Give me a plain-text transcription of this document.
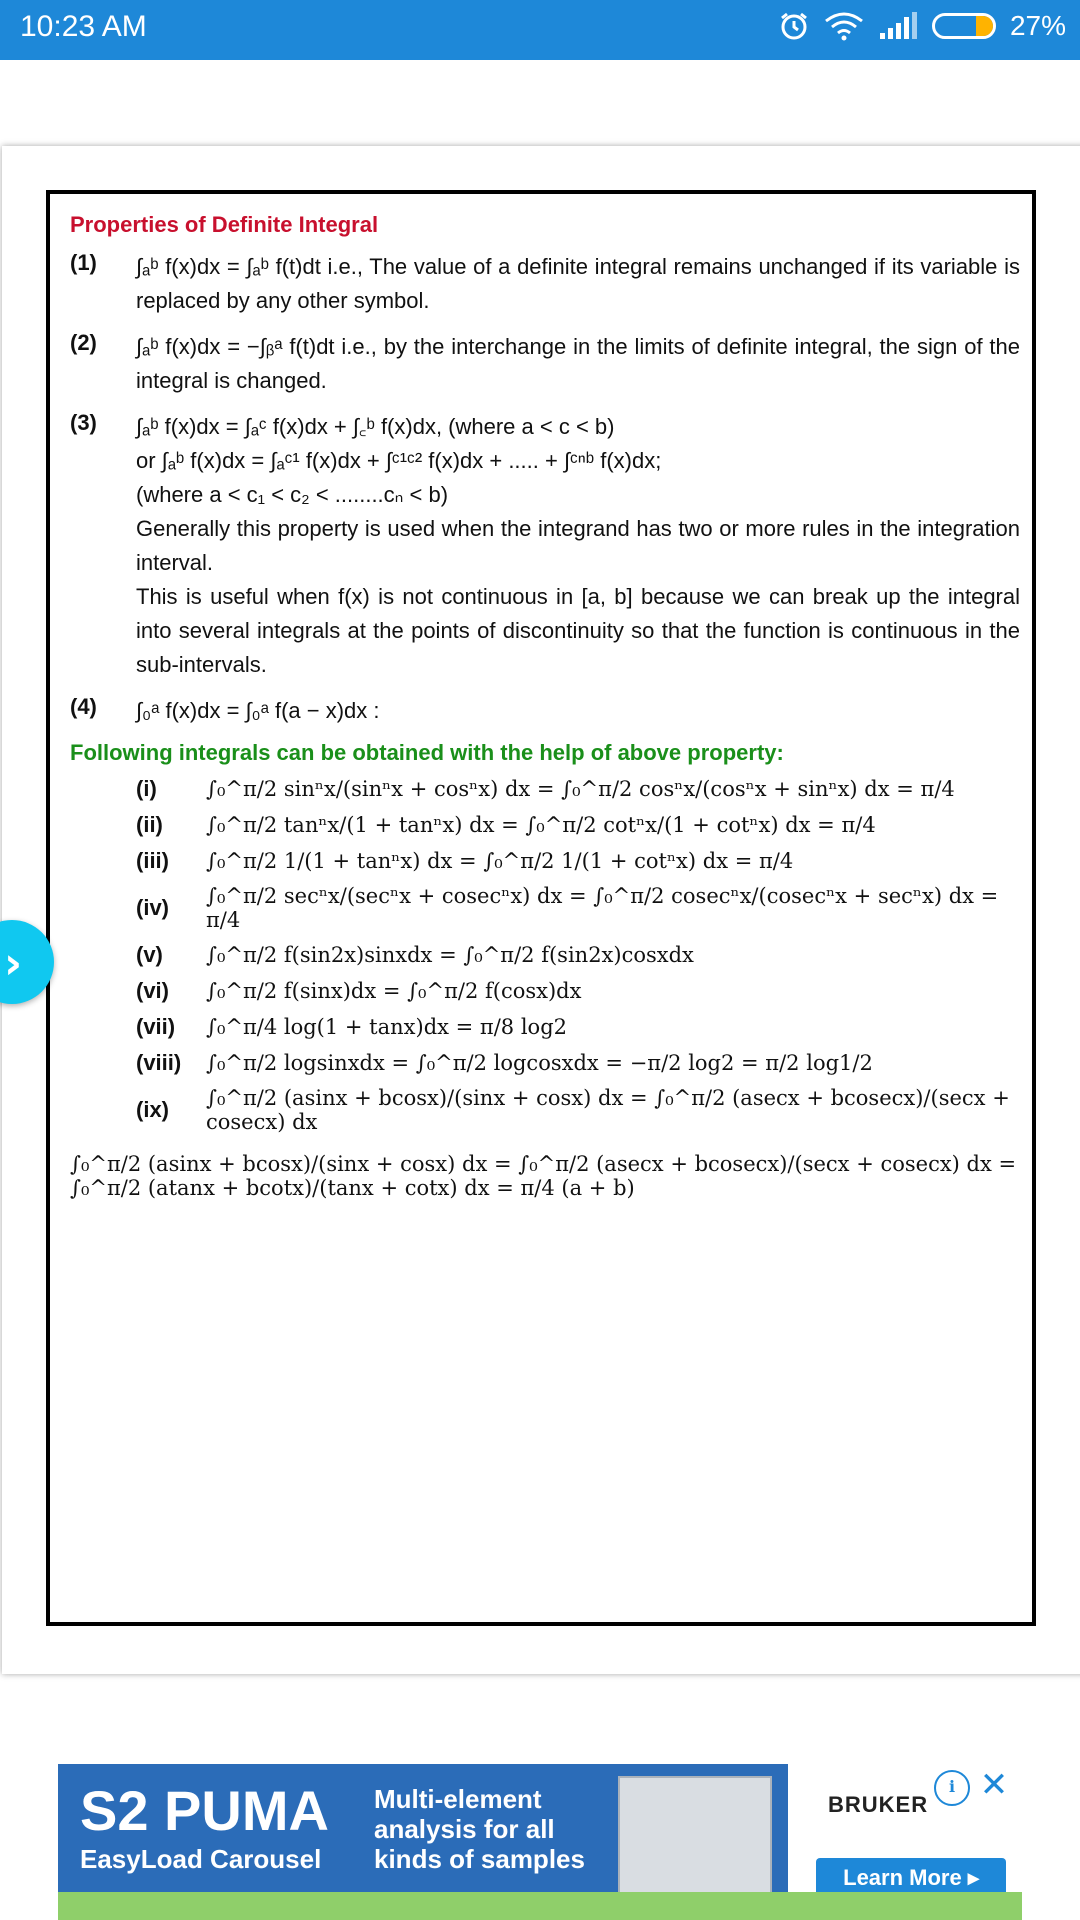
10:23 AM	27%
Properties of Definite Integral
(1)	∫ₐᵇ f(x)dx = ∫ₐᵇ f(t)dt i.e., The value of a definite integral remains unchanged if its variable is replaced by any other symbol.
(2)	∫ₐᵇ f(x)dx = −∫ᵦᵃ f(t)dt i.e., by the interchange in the limits of definite integral, the sign of the integral is changed.
(3)	∫ₐᵇ f(x)dx = ∫ₐᶜ f(x)dx + ∫꜀ᵇ f(x)dx, (where a < c < b)
or ∫ₐᵇ f(x)dx = ∫ₐᶜ¹ f(x)dx + ∫ᶜ¹ᶜ² f(x)dx + ..... + ∫ᶜⁿᵇ f(x)dx;
(where a < c₁ < c₂ < ........cₙ < b)
Generally this property is used when the integrand has two or more rules in the integration interval.
This is useful when f(x) is not continuous in [a, b] because we can break up the integral into several integrals at the points of discontinuity so that the function is continuous in the sub-intervals.
(4)	∫₀ᵃ f(x)dx = ∫₀ᵃ f(a − x)dx :
Following integrals can be obtained with the help of above property:
(i)	∫₀^π/2 sinⁿx/(sinⁿx + cosⁿx) dx = ∫₀^π/2 cosⁿx/(cosⁿx + sinⁿx) dx = π/4
(ii)	∫₀^π/2 tanⁿx/(1 + tanⁿx) dx = ∫₀^π/2 cotⁿx/(1 + cotⁿx) dx = π/4
(iii)	∫₀^π/2 1/(1 + tanⁿx) dx = ∫₀^π/2 1/(1 + cotⁿx) dx = π/4
(iv)	∫₀^π/2 secⁿx/(secⁿx + cosecⁿx) dx = ∫₀^π/2 cosecⁿx/(cosecⁿx + secⁿx) dx = π/4
(v)	∫₀^π/2 f(sin2x)sinxdx = ∫₀^π/2 f(sin2x)cosxdx
(vi)	∫₀^π/2 f(sinx)dx = ∫₀^π/2 f(cosx)dx
(vii)	∫₀^π/4 log(1 + tanx)dx = π/8 log2
(viii)	∫₀^π/2 logsinxdx = ∫₀^π/2 logcosxdx = −π/2 log2 = π/2 log1/2
(ix)	∫₀^π/2 (asinx + bcosx)/(sinx + cosx) dx = ∫₀^π/2 (asecx + bcosecx)/(secx + cosecx) dx
∫₀^π/2 (asinx + bcosx)/(sinx + cosx) dx = ∫₀^π/2 (asecx + bcosecx)/(secx + cosecx) dx = ∫₀^π/2 (atanx + bcotx)/(tanx + cotx) dx = π/4 (a + b)
›
S2 PUMA
EasyLoad Carousel
Multi-element analysis for all kinds of samples
BRUKER
Learn More ▸
i ✕
